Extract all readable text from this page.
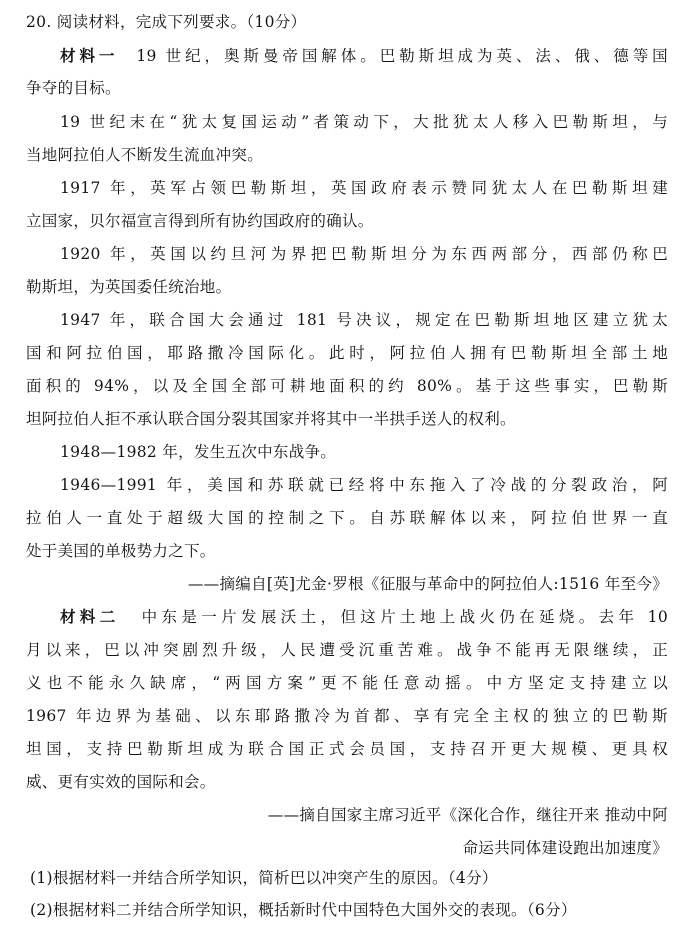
20. 阅读材料，完成下列要求。（10分）
材料一 19 世纪，奥斯曼帝国解体。巴勒斯坦成为英、法、俄、德等国
争夺的目标。
19 世纪末在“犹太复国运动”者策动下，大批犹太人移入巴勒斯坦，与
当地阿拉伯人不断发生流血冲突。
1917 年，英军占领巴勒斯坦，英国政府表示赞同犹太人在巴勒斯坦建
立国家，贝尔福宣言得到所有协约国政府的确认。
1920 年，英国以约旦河为界把巴勒斯坦分为东西两部分，西部仍称巴
勒斯坦，为英国委任统治地。
1947 年，联合国大会通过 181 号决议，规定在巴勒斯坦地区建立犹太
国和阿拉伯国，耶路撒冷国际化。此时，阿拉伯人拥有巴勒斯坦全部土地
面积的 94%，以及全国全部可耕地面积的约 80%。基于这些事实，巴勒斯
坦阿拉伯人拒不承认联合国分裂其国家并将其中一半拱手送人的权利。
1948—1982 年，发生五次中东战争。
1946—1991 年，美国和苏联就已经将中东拖入了冷战的分裂政治，阿
拉伯人一直处于超级大国的控制之下。自苏联解体以来，阿拉伯世界一直
处于美国的单极势力之下。
——摘编自[英]尤金·罗根《征服与革命中的阿拉伯人:1516 年至今》
材料二 中东是一片发展沃土，但这片土地上战火仍在延烧。去年 10
月以来，巴以冲突剧烈升级，人民遭受沉重苦难。战争不能再无限继续，正
义也不能永久缺席，“两国方案”更不能任意动摇。中方坚定支持建立以
1967 年边界为基础、以东耶路撒冷为首都、享有完全主权的独立的巴勒斯
坦国，支持巴勒斯坦成为联合国正式会员国，支持召开更大规模、更具权
威、更有实效的国际和会。
——摘自国家主席习近平《深化合作，继往开来 推动中阿
命运共同体建设跑出加速度》
(1)根据材料一并结合所学知识，简析巴以冲突产生的原因。（4分）
(2)根据材料二并结合所学知识，概括新时代中国特色大国外交的表现。（6分）
